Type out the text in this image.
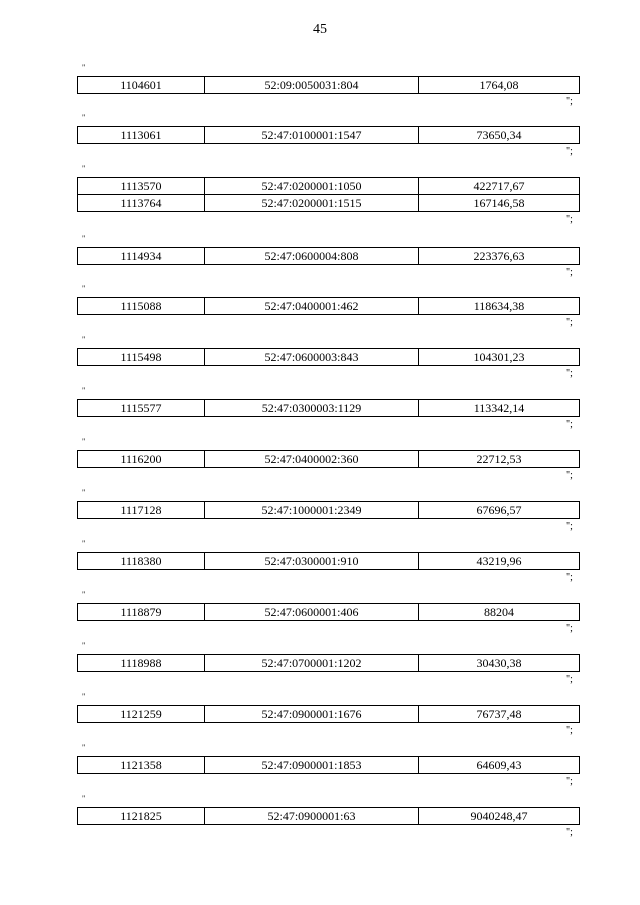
45
"
1104601	52:09:0050031:804	1764,08
";
"
1113061	52:47:0100001:1547	73650,34
";
"
1113570	52:47:0200001:1050	422717,67
1113764	52:47:0200001:1515	167146,58
";
"
1114934	52:47:0600004:808	223376,63
";
"
1115088	52:47:0400001:462	118634,38
";
"
1115498	52:47:0600003:843	104301,23
";
"
1115577	52:47:0300003:1129	113342,14
";
"
1116200	52:47:0400002:360	22712,53
";
"
1117128	52:47:1000001:2349	67696,57
";
"
1118380	52:47:0300001:910	43219,96
";
"
1118879	52:47:0600001:406	88204
";
"
1118988	52:47:0700001:1202	30430,38
";
"
1121259	52:47:0900001:1676	76737,48
";
"
1121358	52:47:0900001:1853	64609,43
";
"
1121825	52:47:0900001:63	9040248,47
";
